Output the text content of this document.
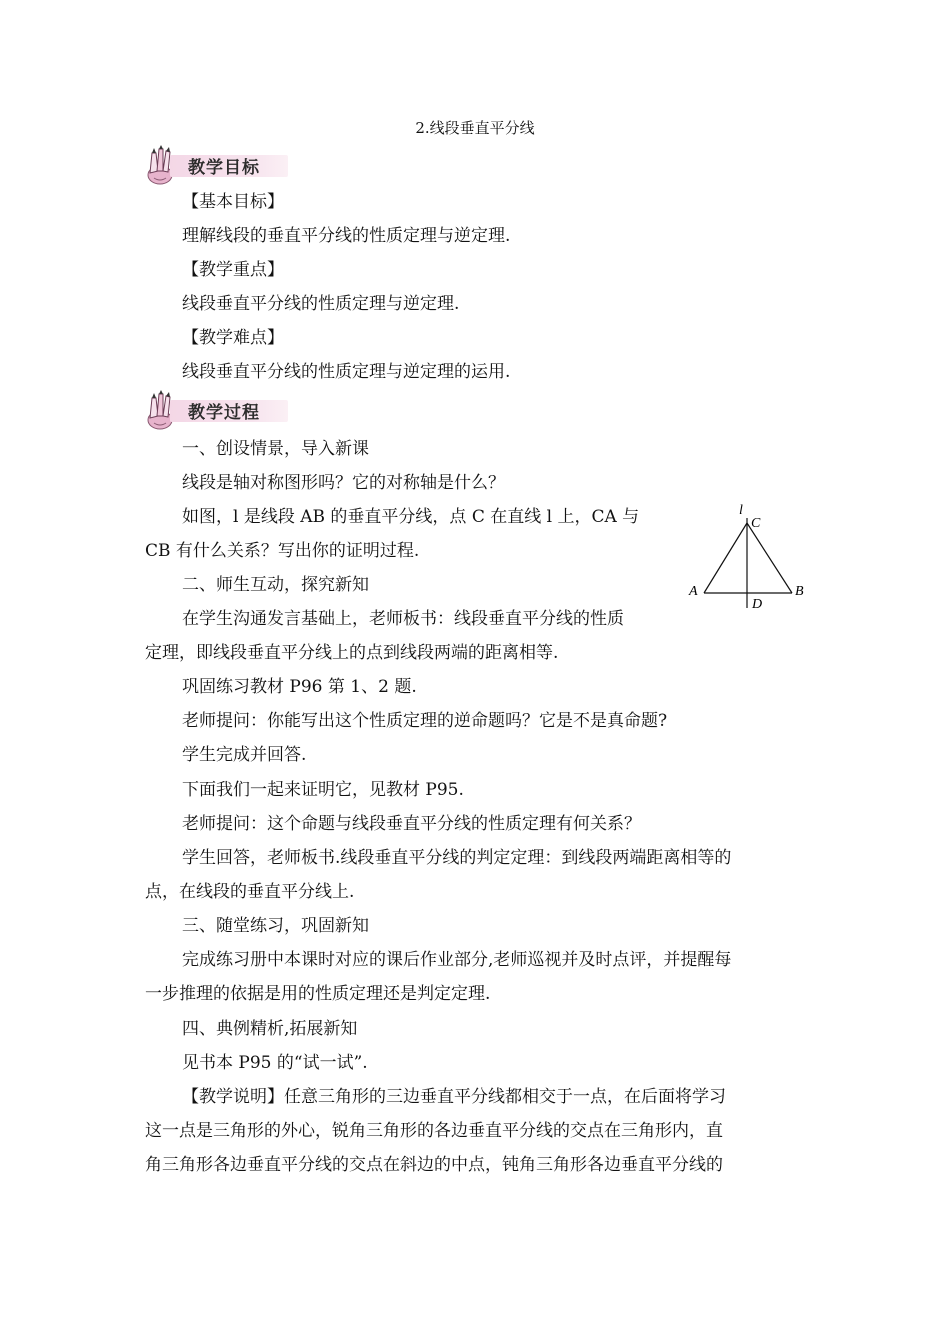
2.线段垂直平分线
教学目标
【基本目标】
理解线段的垂直平分线的性质定理与逆定理.
【教学重点】
线段垂直平分线的性质定理与逆定理.
【教学难点】
线段垂直平分线的性质定理与逆定理的运用.
教学过程
一、创设情景，导入新课
线段是轴对称图形吗？它的对称轴是什么？
如图，l 是线段 AB 的垂直平分线，点 C 在直线 l 上，CA 与
CB 有什么关系？写出你的证明过程.
二、师生互动，探究新知
在学生沟通发言基础上，老师板书：线段垂直平分线的性质
定理，即线段垂直平分线上的点到线段两端的距离相等.
巩固练习教材 P96 第 1、2 题.
老师提问：你能写出这个性质定理的逆命题吗？它是不是真命题?
学生完成并回答.
下面我们一起来证明它，见教材 P95.
老师提问：这个命题与线段垂直平分线的性质定理有何关系？
学生回答，老师板书.线段垂直平分线的判定定理：到线段两端距离相等的
点，在线段的垂直平分线上.
三、随堂练习，巩固新知
完成练习册中本课时对应的课后作业部分,老师巡视并及时点评，并提醒每
一步推理的依据是用的性质定理还是判定定理.
四、典例精析,拓展新知
见书本 P95 的“试一试”.
【教学说明】任意三角形的三边垂直平分线都相交于一点，在后面将学习
这一点是三角形的外心，锐角三角形的各边垂直平分线的交点在三角形内，直
角三角形各边垂直平分线的交点在斜边的中点，钝角三角形各边垂直平分线的
l
C
A	B
D
